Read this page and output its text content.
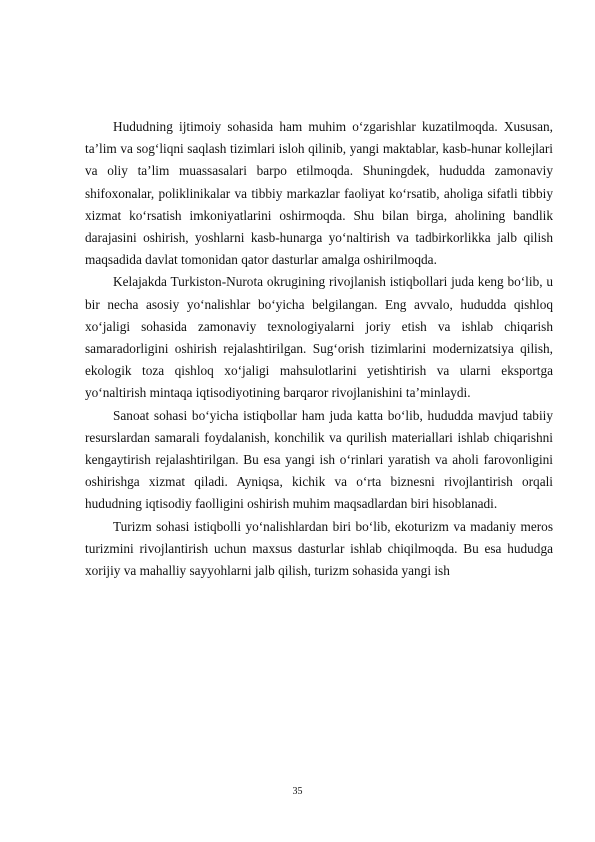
Hududning ijtimoiy sohasida ham muhim o‘zgarishlar kuzatilmoqda. Xususan, ta’lim va sog‘liqni saqlash tizimlari isloh qilinib, yangi maktablar, kasb-hunar kollejlari va oliy ta’lim muassasalari barpo etilmoqda. Shuningdek, hududda zamonaviy shifoxonalar, poliklinikalar va tibbiy markazlar faoliyat ko‘rsatib, aholiga sifatli tibbiy xizmat ko‘rsatish imkoniyatlarini oshirmoqda. Shu bilan birga, aholining bandlik darajasini oshirish, yoshlarni kasb-hunarga yo‘naltirish va tadbirkorlikka jalb qilish maqsadida davlat tomonidan qator dasturlar amalga oshirilmoqda.

Kelajakda Turkiston-Nurota okrugining rivojlanish istiqbollari juda keng bo‘lib, u bir necha asosiy yo‘nalishlar bo‘yicha belgilangan. Eng avvalo, hududda qishloq xo‘jaligi sohasida zamonaviy texnologiyalarni joriy etish va ishlab chiqarish samaradorligini oshirish rejalashtirilgan. Sug‘orish tizimlarini modernizatsiya qilish, ekologik toza qishloq xo‘jaligi mahsulotlarini yetishtirish va ularni eksportga yo‘naltirish mintaqa iqtisodiyotining barqaror rivojlanishini ta’minlaydi.

Sanoat sohasi bo‘yicha istiqbollar ham juda katta bo‘lib, hududda mavjud tabiiy resurslardan samarali foydalanish, konchilik va qurilish materiallari ishlab chiqarishni kengaytirish rejalashtirilgan. Bu esa yangi ish o‘rinlari yaratish va aholi farovonligini oshirishga xizmat qiladi. Ayniqsa, kichik va o‘rta biznesni rivojlantirish orqali hududning iqtisodiy faolligini oshirish muhim maqsadlardan biri hisoblanadi.

Turizm sohasi istiqbolli yo‘nalishlardan biri bo‘lib, ekoturizm va madaniy meros turizmini rivojlantirish uchun maxsus dasturlar ishlab chiqilmoqda. Bu esa hududga xorijiy va mahalliy sayyohlarni jalb qilish, turizm sohasida yangi ish

35
